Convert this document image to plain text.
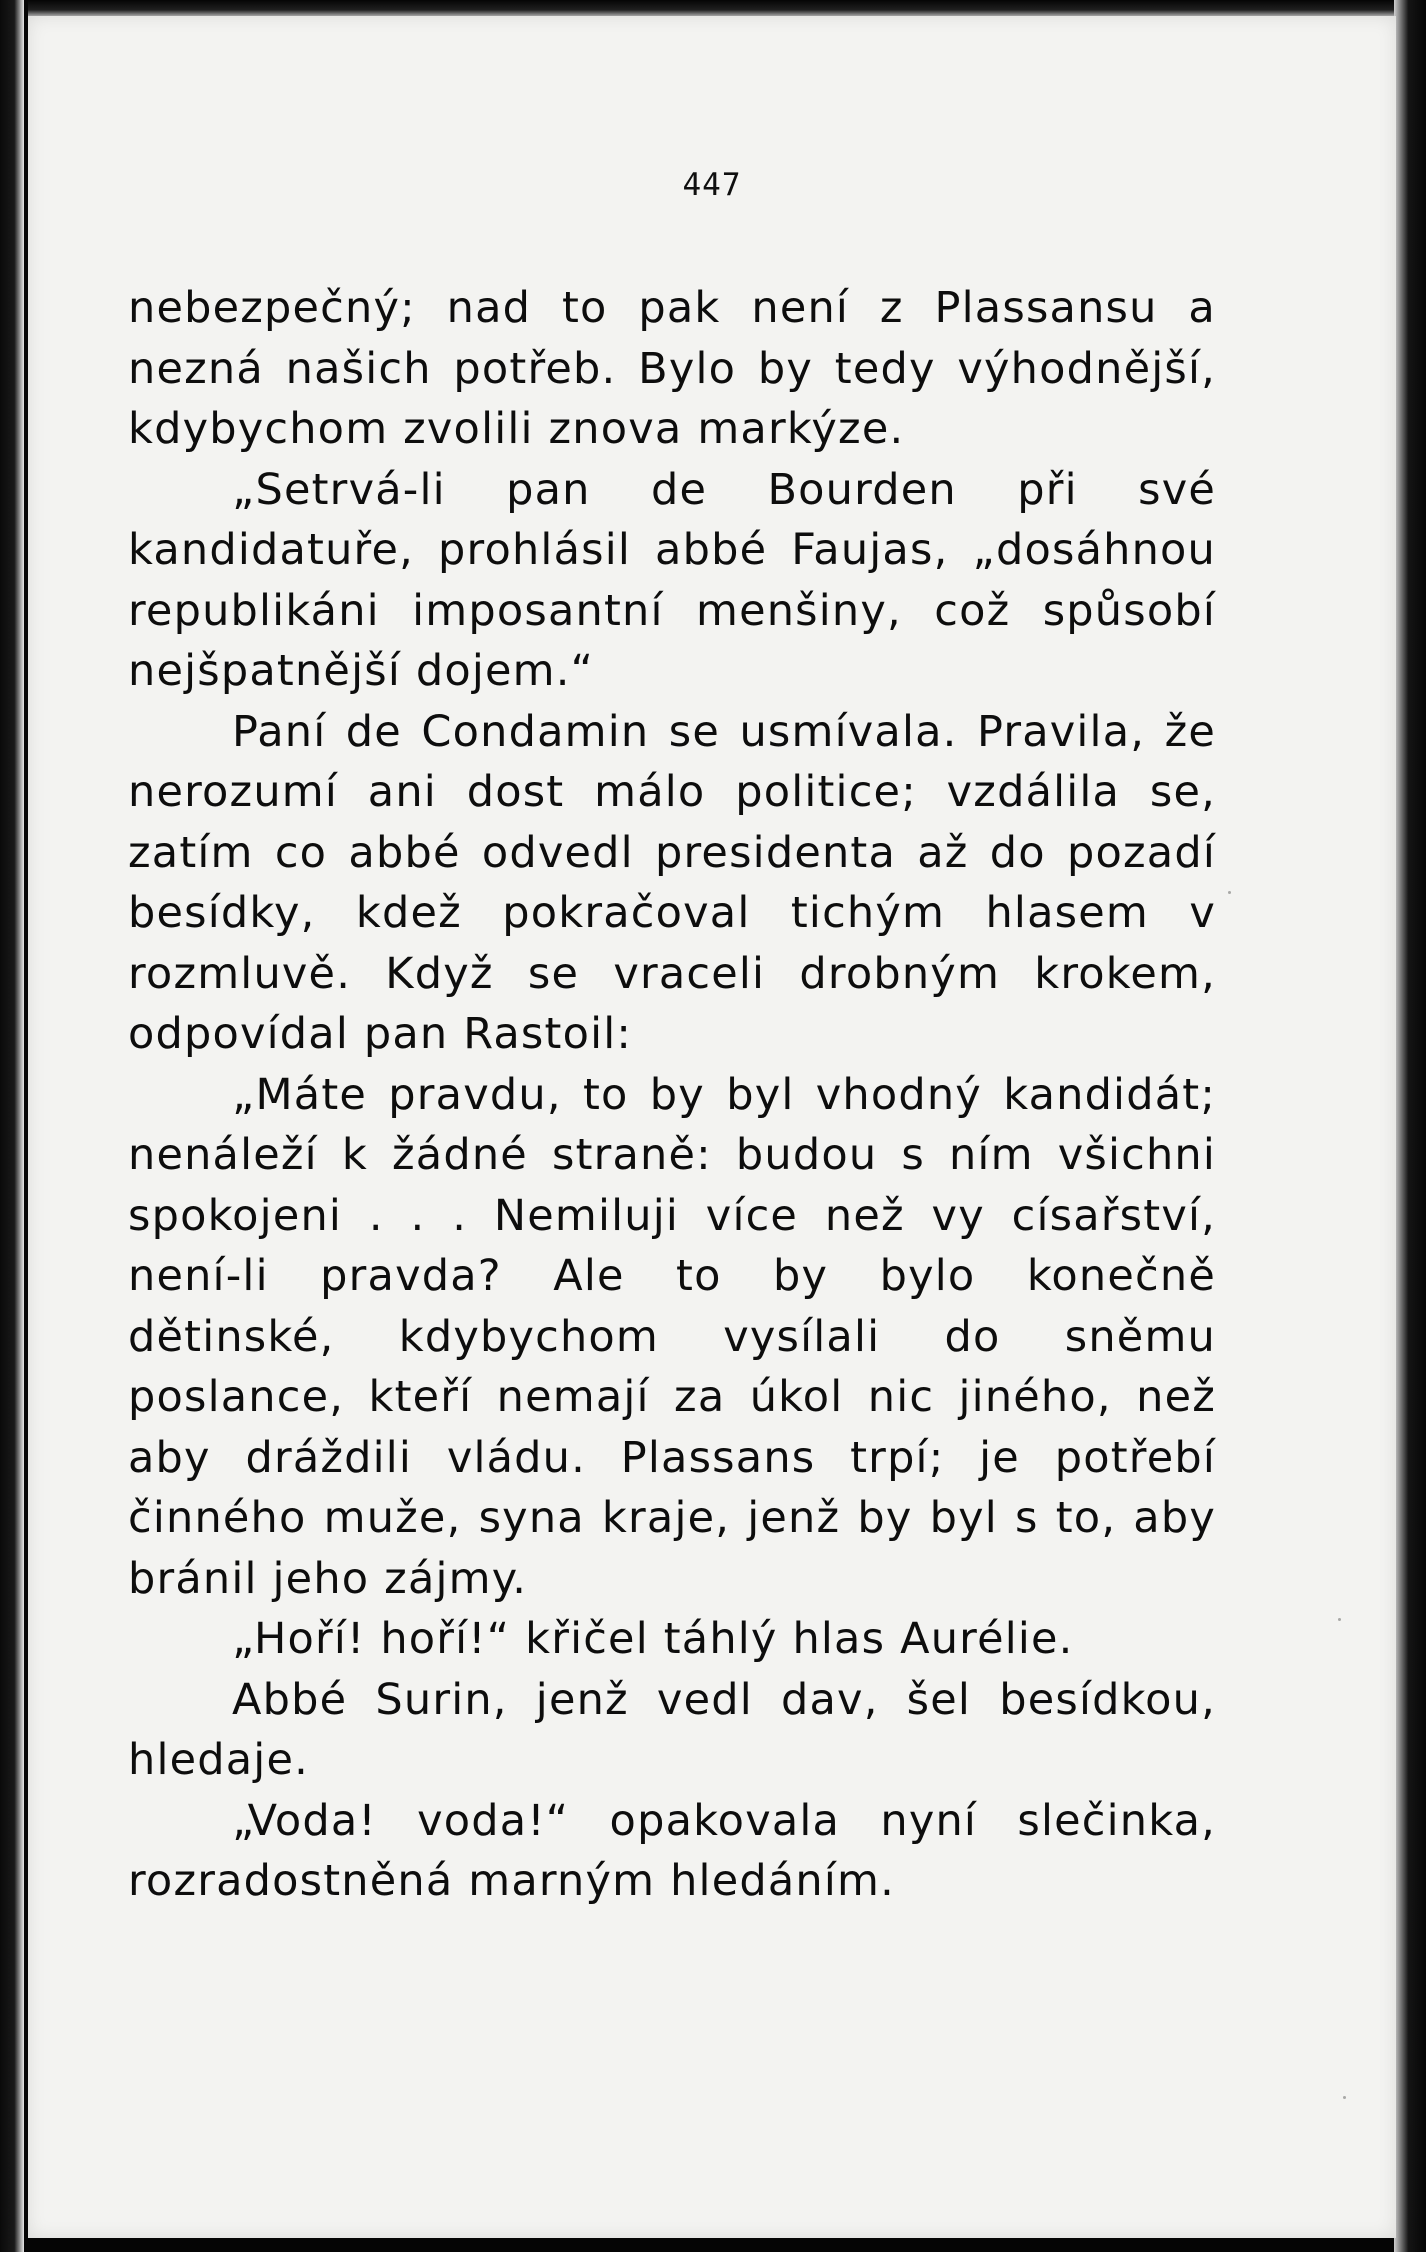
447

nebezpečný; nad to pak není z Plassansu a nezná našich potřeb. Bylo by tedy výhodnější, kdybychom zvolili znova markýze.

„Setrvá-li pan de Bourden při své kandidatuře, prohlásil abbé Faujas, „dosáhnou republikáni imposantní menšiny, což spůsobí nejšpatnější dojem.“

Paní de Condamin se usmívala. Pravila, že nerozumí ani dost málo politice; vzdálila se, zatím co abbé odvedl presidenta až do pozadí besídky, kdež pokračoval tichým hlasem v rozmluvě. Když se vraceli drobným krokem, odpovídal pan Rastoil:

„Máte pravdu, to by byl vhodný kandidát; nenáleží k žádné straně: budou s ním všichni spokojeni . . . Nemiluji více než vy císařství, není-li pravda? Ale to by bylo konečně dětinské, kdybychom vysílali do sněmu poslance, kteří nemají za úkol nic jiného, než aby dráždili vládu. Plassans trpí; je potřebí činného muže, syna kraje, jenž by byl s to, aby bránil jeho zájmy.

„Hoří! hoří!“ křičel táhlý hlas Aurélie.

Abbé Surin, jenž vedl dav, šel besídkou, hledaje.

„Voda! voda!“ opakovala nyní slečinka, rozradostněná marným hledáním.
